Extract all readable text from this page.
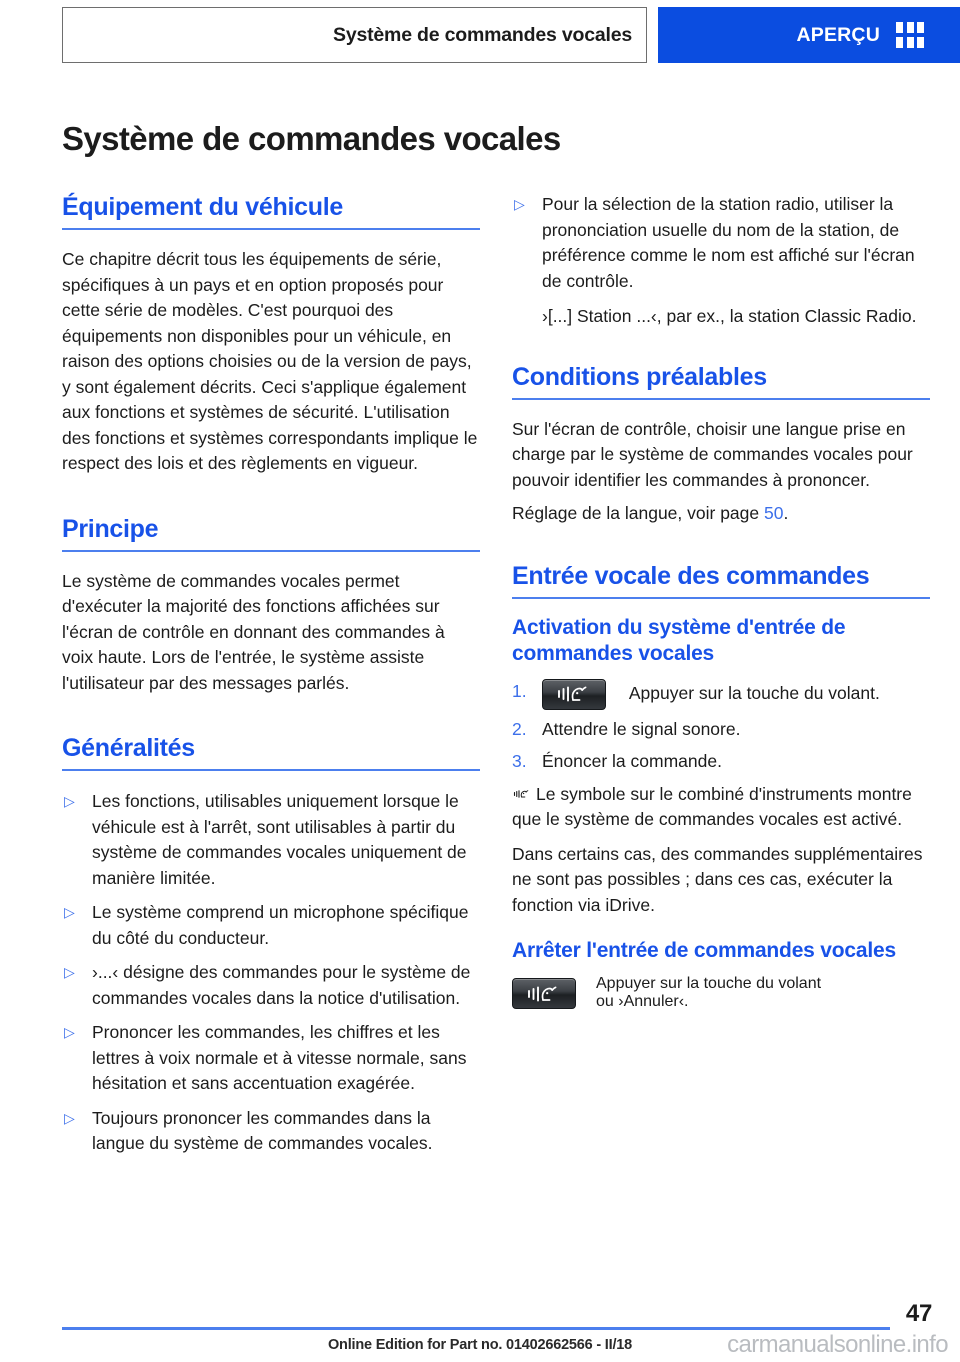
Système de commandes vocales	APERÇU
Système de commandes vocales
Équipement du véhicule

Ce chapitre décrit tous les équipements de série, spécifiques à un pays et en option proposés pour cette série de modèles. C'est pourquoi des équipements non disponibles pour un véhicule, en raison des options choisies ou de la version de pays, y sont également décrits. Ceci s'applique également aux fonctions et systèmes de sécurité. L'utilisation des fonctions et systèmes correspondants implique le respect des lois et des règlements en vigueur.

Principe

Le système de commandes vocales permet d'exécuter la majorité des fonctions affichées sur l'écran de contrôle en donnant des commandes à voix haute. Lors de l'entrée, le système assiste l'utilisateur par des messages parlés.

Généralités
▷ Les fonctions, utilisables uniquement lorsque le véhicule est à l'arrêt, sont utilisables à partir du système de commandes vocales uniquement de manière limitée.
▷ Le système comprend un microphone spécifique du côté du conducteur.
▷ ›...‹ désigne des commandes pour le système de commandes vocales dans la notice d'utilisation.
▷ Prononcer les commandes, les chiffres et les lettres à voix normale et à vitesse normale, sans hésitation et sans accentuation exagérée.
▷ Toujours prononcer les commandes dans la langue du système de commandes vocales.
▷ Pour la sélection de la station radio, utiliser la prononciation usuelle du nom de la station, de préférence comme le nom est affiché sur l'écran de contrôle.
›[...] Station ...‹, par ex., la station Classic Radio.
Conditions préalables

Sur l'écran de contrôle, choisir une langue prise en charge par le système de commandes vocales pour pouvoir identifier les commandes à prononcer.

Réglage de la langue, voir page 50.

Entrée vocale des commandes
Activation du système d'entrée de commandes vocales
1.	Appuyer sur la touche du volant.
2. Attendre le signal sonore.
3. Énoncer la commande.

Le symbole sur le combiné d'instruments montre que le système de commandes vocales est activé.

Dans certains cas, des commandes supplémentaires ne sont pas possibles ; dans ces cas, exécuter la fonction via iDrive.

Arrêter l'entrée de commandes vocales
Appuyer sur la touche du volant
ou ›Annuler‹.
47
Online Edition for Part no. 01402662566 - II/18	carmanualsonline.info
